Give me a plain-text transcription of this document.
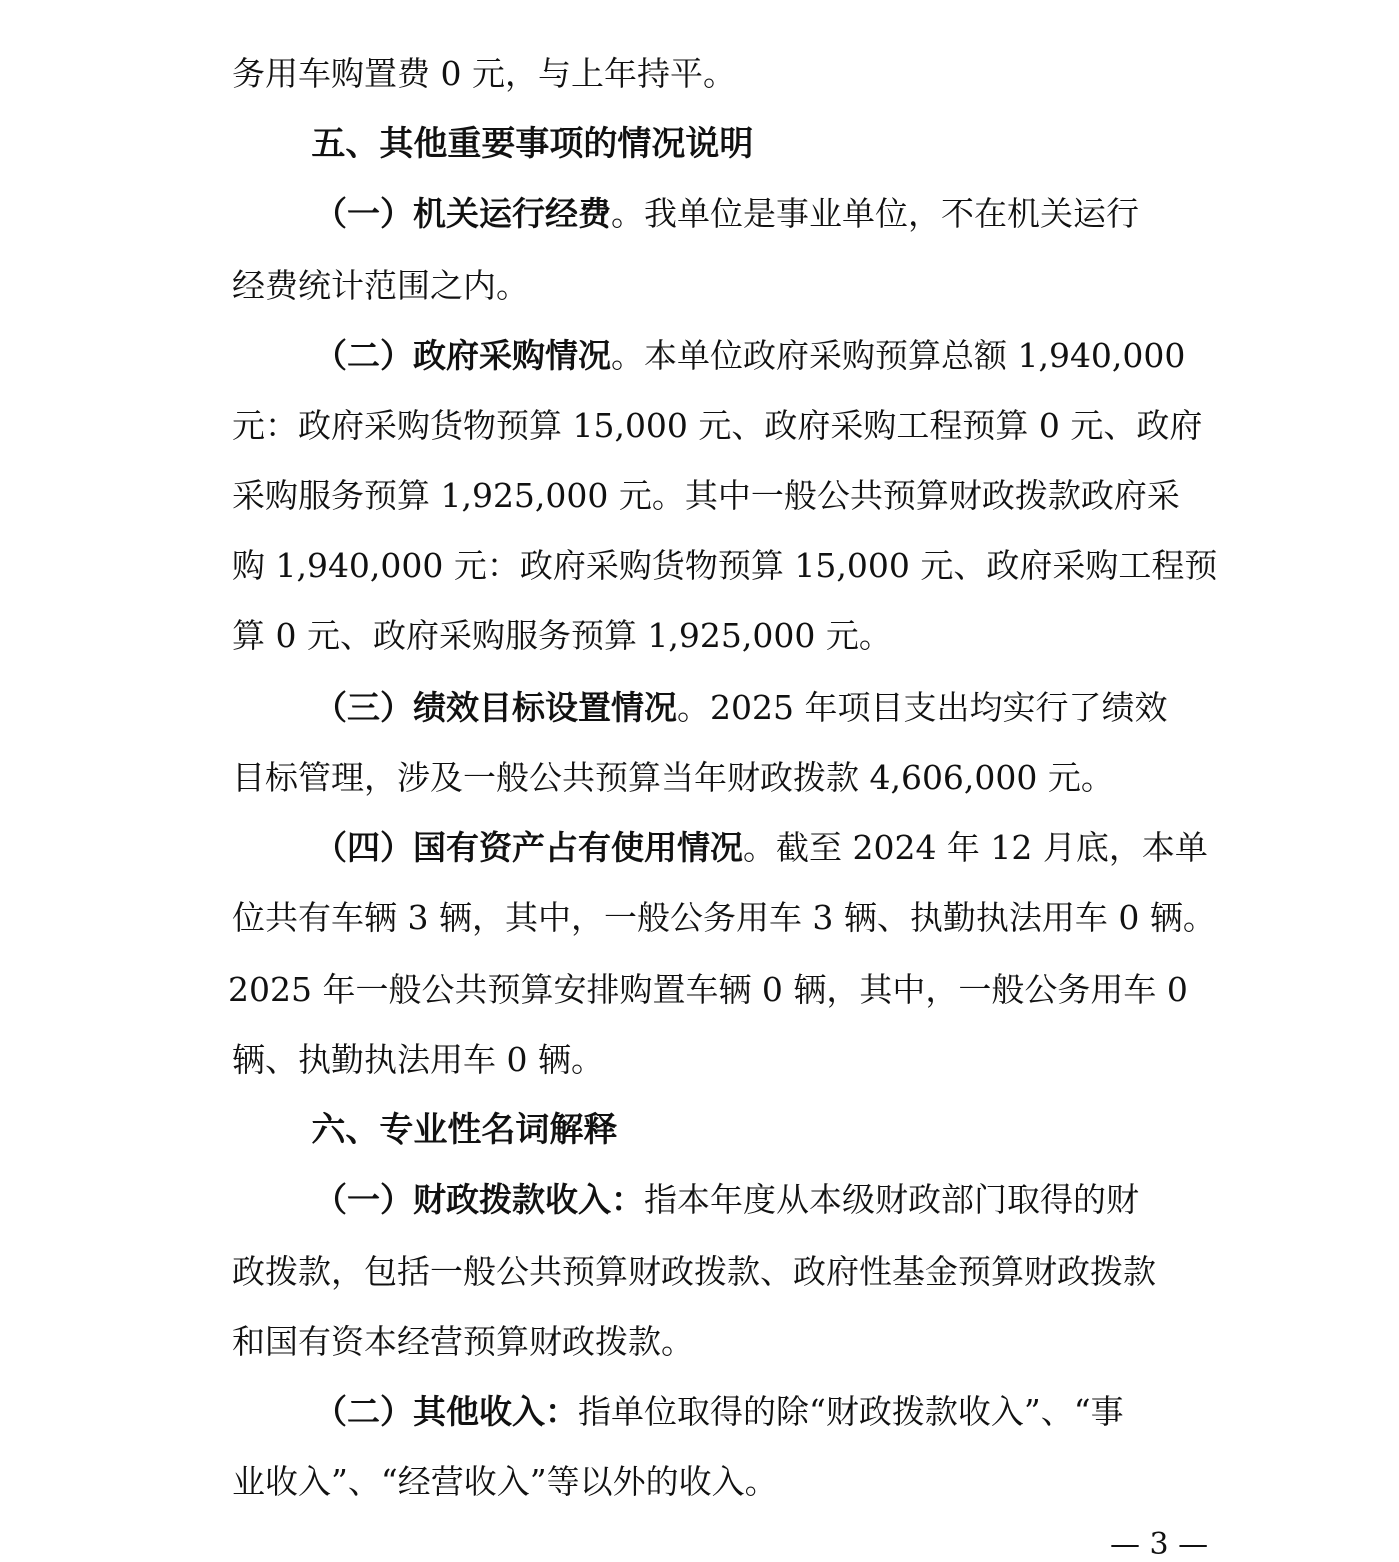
务用车购置费 0 元，与上年持平。

五、其他重要事项的情况说明

（一）机关运行经费。我单位是事业单位，不在机关运行

经费统计范围之内。

（二）政府采购情况。本单位政府采购预算总额 1,940,000

元：政府采购货物预算 15,000 元、政府采购工程预算 0 元、政府

采购服务预算 1,925,000 元。其中一般公共预算财政拨款政府采

购 1,940,000 元：政府采购货物预算 15,000 元、政府采购工程预

算 0 元、政府采购服务预算 1,925,000 元。

（三）绩效目标设置情况。2025 年项目支出均实行了绩效

目标管理，涉及一般公共预算当年财政拨款 4,606,000 元。

（四）国有资产占有使用情况。截至 2024 年 12 月底，本单

位共有车辆 3 辆，其中，一般公务用车 3 辆、执勤执法用车 0 辆。

2025 年一般公共预算安排购置车辆 0 辆，其中，一般公务用车 0

辆、执勤执法用车 0 辆。

六、专业性名词解释

（一）财政拨款收入：指本年度从本级财政部门取得的财

政拨款，包括一般公共预算财政拨款、政府性基金预算财政拨款

和国有资本经营预算财政拨款。

（二）其他收入：指单位取得的除“财政拨款收入”、“事

业收入”、“经营收入”等以外的收入。

— 3 —
